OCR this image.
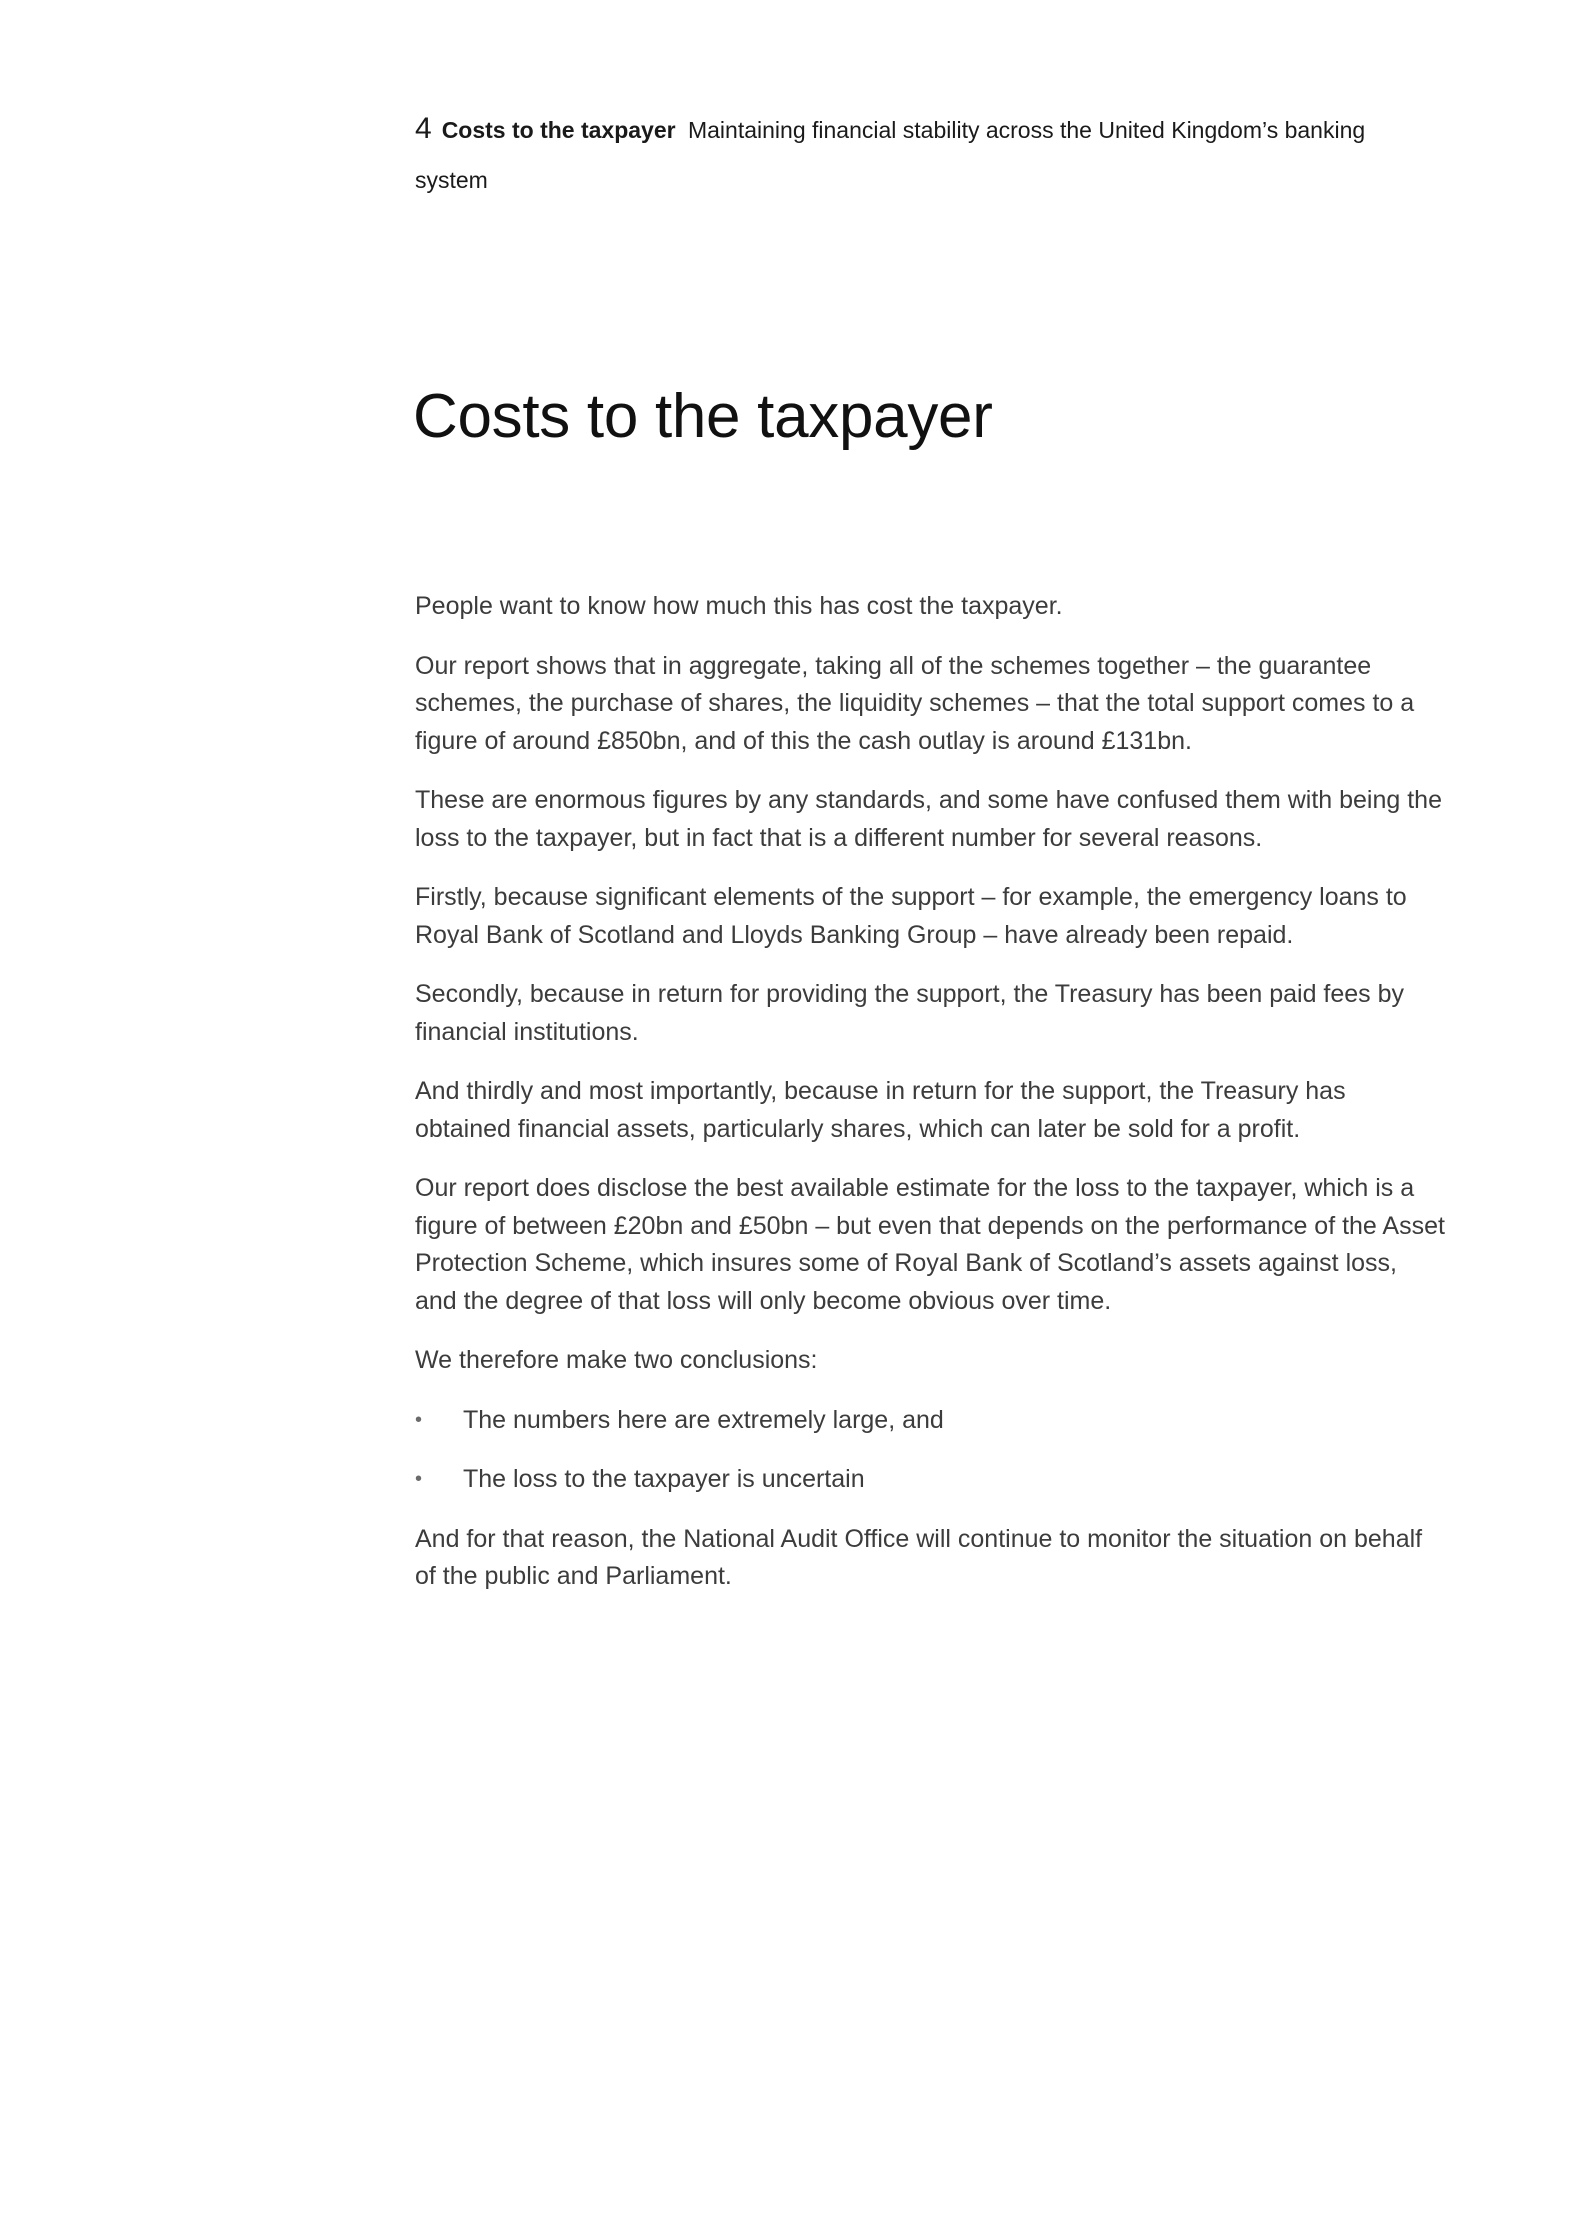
4 Costs to the taxpayer Maintaining financial stability across the United Kingdom’s banking system
Costs to the taxpayer

People want to know how much this has cost the taxpayer.

Our report shows that in aggregate, taking all of the schemes together – the guarantee schemes, the purchase of shares, the liquidity schemes – that the total support comes to a figure of around £850bn, and of this the cash outlay is around £131bn.

These are enormous figures by any standards, and some have confused them with being the loss to the taxpayer, but in fact that is a different number for several reasons.

Firstly, because significant elements of the support – for example, the emergency loans to Royal Bank of Scotland and Lloyds Banking Group – have already been repaid.

Secondly, because in return for providing the support, the Treasury has been paid fees by financial institutions.

And thirdly and most importantly, because in return for the support, the Treasury has obtained financial assets, particularly shares, which can later be sold for a profit.

Our report does disclose the best available estimate for the loss to the taxpayer, which is a figure of between £20bn and £50bn – but even that depends on the performance of the Asset Protection Scheme, which insures some of Royal Bank of Scotland’s assets against loss, and the degree of that loss will only become obvious over time.

We therefore make two conclusions:

•	The numbers here are extremely large, and
•	The loss to the taxpayer is uncertain

And for that reason, the National Audit Office will continue to monitor the situation on behalf of the public and Parliament.
